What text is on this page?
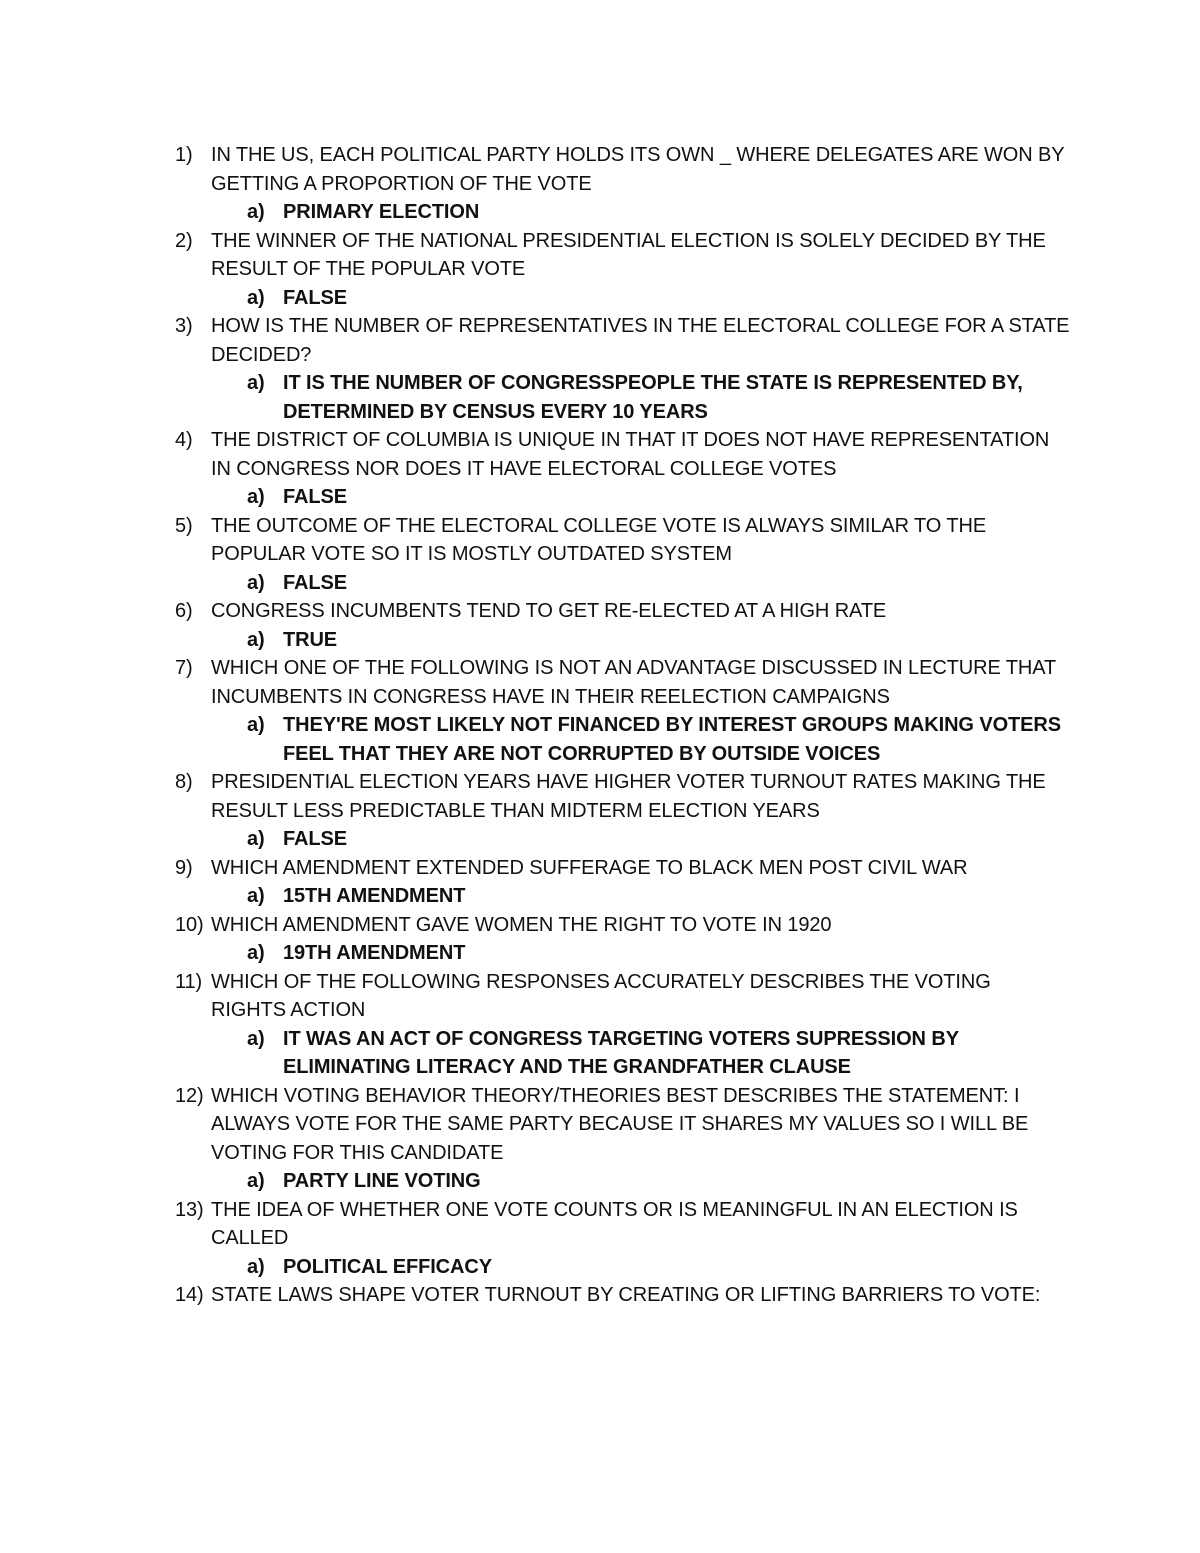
1) IN THE US, EACH POLITICAL PARTY HOLDS ITS OWN _ WHERE DELEGATES ARE WON BY GETTING A PROPORTION OF THE VOTE
a) PRIMARY ELECTION
2) THE WINNER OF THE NATIONAL PRESIDENTIAL ELECTION IS SOLELY DECIDED BY THE RESULT OF THE POPULAR VOTE
a) FALSE
3) HOW IS THE NUMBER OF REPRESENTATIVES IN THE ELECTORAL COLLEGE FOR A STATE DECIDED?
a) IT IS THE NUMBER OF CONGRESSPEOPLE THE STATE IS REPRESENTED BY, DETERMINED BY CENSUS EVERY 10 YEARS
4) THE DISTRICT OF COLUMBIA IS UNIQUE IN THAT IT DOES NOT HAVE REPRESENTATION IN CONGRESS NOR DOES IT HAVE ELECTORAL COLLEGE VOTES
a) FALSE
5) THE OUTCOME OF THE ELECTORAL COLLEGE VOTE IS ALWAYS SIMILAR TO THE POPULAR VOTE SO IT IS MOSTLY OUTDATED SYSTEM
a) FALSE
6) CONGRESS INCUMBENTS TEND TO GET RE-ELECTED AT A HIGH RATE
a) TRUE
7) WHICH ONE OF THE FOLLOWING IS NOT AN ADVANTAGE DISCUSSED IN LECTURE THAT INCUMBENTS IN CONGRESS HAVE IN THEIR REELECTION CAMPAIGNS
a) THEY'RE MOST LIKELY NOT FINANCED BY INTEREST GROUPS MAKING VOTERS FEEL THAT THEY ARE NOT CORRUPTED BY OUTSIDE VOICES
8) PRESIDENTIAL ELECTION YEARS HAVE HIGHER VOTER TURNOUT RATES MAKING THE RESULT LESS PREDICTABLE THAN MIDTERM ELECTION YEARS
a) FALSE
9) WHICH AMENDMENT EXTENDED SUFFERAGE TO BLACK MEN POST CIVIL WAR
a) 15TH AMENDMENT
10) WHICH AMENDMENT GAVE WOMEN THE RIGHT TO VOTE IN 1920
a) 19TH AMENDMENT
11) WHICH OF THE FOLLOWING RESPONSES ACCURATELY DESCRIBES THE VOTING RIGHTS ACTION
a) IT WAS AN ACT OF CONGRESS TARGETING VOTERS SUPRESSION BY ELIMINATING LITERACY AND THE GRANDFATHER CLAUSE
12) WHICH VOTING BEHAVIOR THEORY/THEORIES BEST DESCRIBES THE STATEMENT: I ALWAYS VOTE FOR THE SAME PARTY BECAUSE IT SHARES MY VALUES SO I WILL BE VOTING FOR THIS CANDIDATE
a) PARTY LINE VOTING
13) THE IDEA OF WHETHER ONE VOTE COUNTS OR IS MEANINGFUL IN AN ELECTION IS CALLED
a) POLITICAL EFFICACY
14) STATE LAWS SHAPE VOTER TURNOUT BY CREATING OR LIFTING BARRIERS TO VOTE:
